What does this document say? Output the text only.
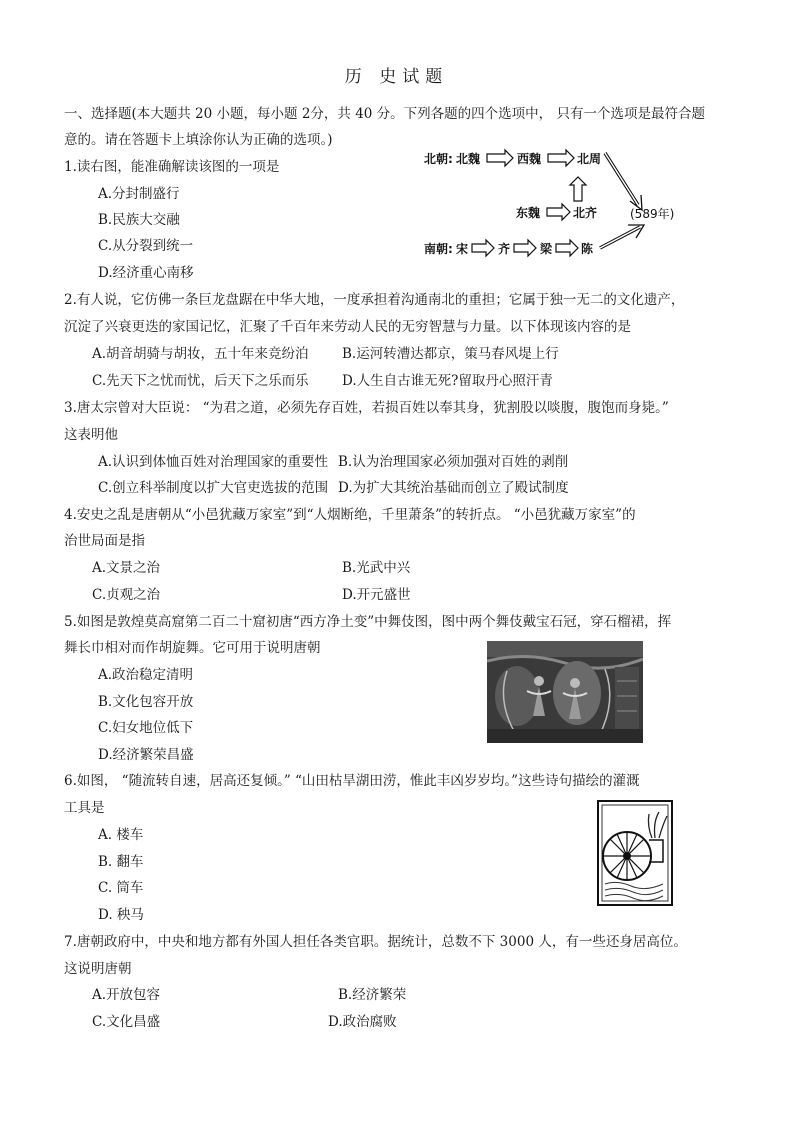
历 史试题
一、选择题(本大题共 20 小题，每小题 2分，共 40 分。下列各题的四个选项中， 只有一个选项是最符合题
意的。请在答题卡上填涂你认为正确的选项。)
1.读右图，能准确解读该图的一项是
A.分封制盛行
B.民族大交融
C.从分裂到统一
D.经济重心南移
北朝: 北魏	西魏	北周
东魏	北齐	(589年)
南朝: 宋 齐 梁 陈
2.有人说，它仿佛一条巨龙盘踞在中华大地，一度承担着沟通南北的重担；它属于独一无二的文化遗产，
沉淀了兴衰更迭的家国记忆，汇聚了千百年来劳动人民的无穷智慧与力量。以下体现该内容的是
A.胡音胡骑与胡妆，五十年来竞纷泊 B.运河转漕达都京，策马春风堤上行
C.先天下之忧而忧，后天下之乐而乐 D.人生自古谁无死?留取丹心照汗青
3.唐太宗曾对大臣说： “为君之道，必须先存百姓，若损百姓以奉其身，犹割股以啖腹，腹饱而身毙。”
这表明他
A.认识到体恤百姓对治理国家的重要性 B.认为治理国家必须加强对百姓的剥削
C.创立科举制度以扩大官吏选拔的范围 D.为扩大其统治基础而创立了殿试制度
4.安史之乱是唐朝从“小邑犹藏万家室”到“人烟断绝，千里萧条”的转折点。 “小邑犹藏万家室”的
治世局面是指
A.文景之治	B.光武中兴
C.贞观之治	D.开元盛世
5.如图是敦煌莫高窟第二百二十窟初唐“西方净土变”中舞伎图，图中两个舞伎戴宝石冠，穿石榴裙，挥
舞长巾相对而作胡旋舞。它可用于说明唐朝
A.政治稳定清明
B.文化包容开放
C.妇女地位低下
D.经济繁荣昌盛
6.如图， “随流转自速，居高还复倾。” “山田枯旱湖田涝，惟此丰凶岁岁均。”这些诗句描绘的灌溉
工具是
A. 楼车
B. 翻车
C. 筒车
D. 秧马
7.唐朝政府中，中央和地方都有外国人担任各类官职。据统计，总数不下 3000 人，有一些还身居高位。
这说明唐朝
A.开放包容	B.经济繁荣
C.文化昌盛	D.政治腐败
